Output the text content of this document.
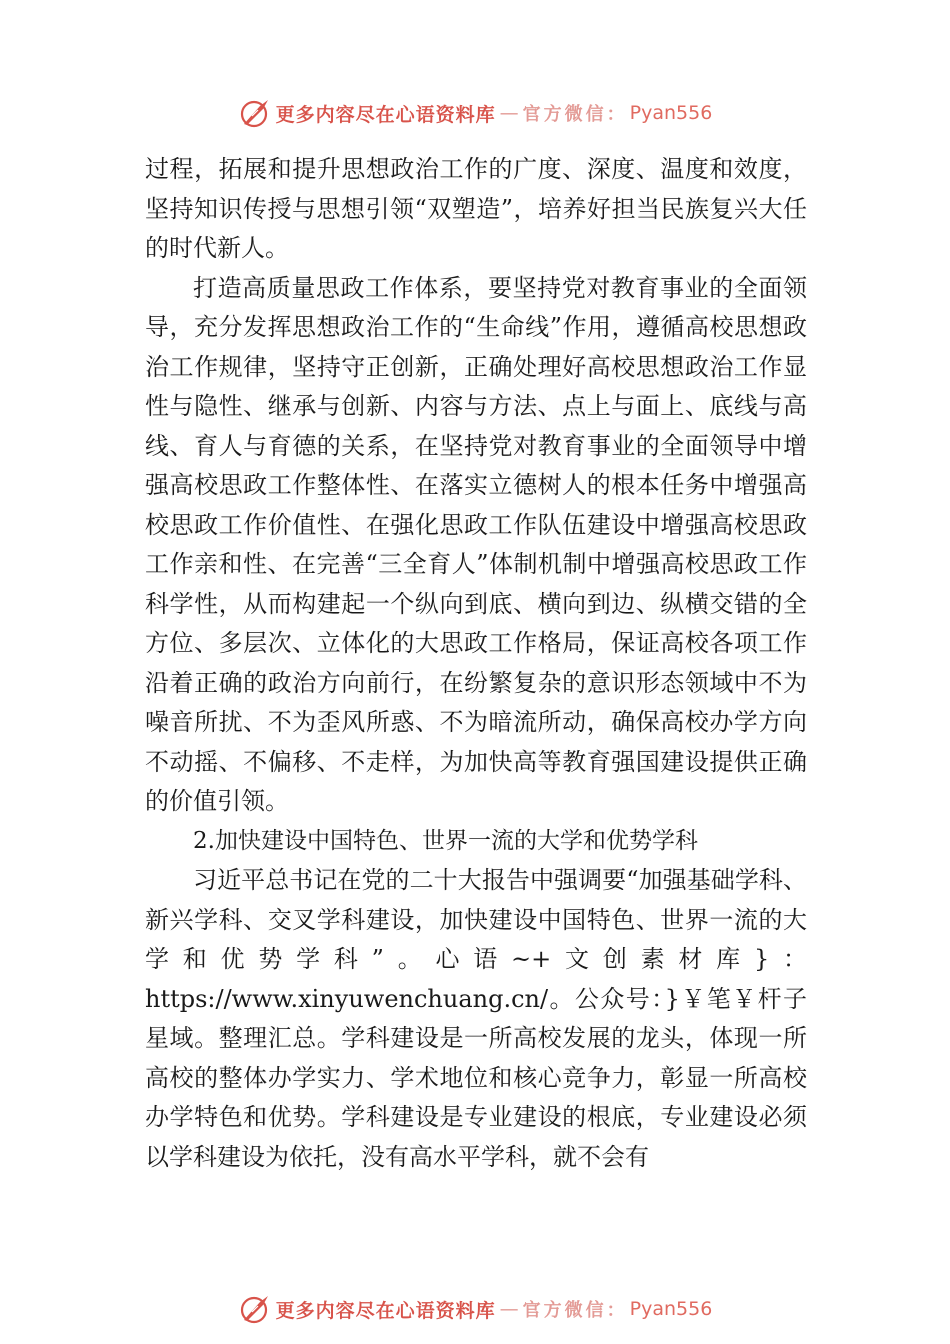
更多内容尽在心语资料库 — 官方微信： Pyan556

过程，拓展和提升思想政治工作的广度、深度、温度和效度，坚持知识传授与思想引领“双塑造”，培养好担当民族复兴大任的时代新人。

打造高质量思政工作体系，要坚持党对教育事业的全面领导，充分发挥思想政治工作的“生命线”作用，遵循高校思想政治工作规律，坚持守正创新，正确处理好高校思想政治工作显性与隐性、继承与创新、内容与方法、点上与面上、底线与高线、育人与育德的关系，在坚持党对教育事业的全面领导中增强高校思政工作整体性、在落实立德树人的根本任务中增强高校思政工作价值性、在强化思政工作队伍建设中增强高校思政工作亲和性、在完善“三全育人”体制机制中增强高校思政工作科学性，从而构建起一个纵向到底、横向到边、纵横交错的全方位、多层次、立体化的大思政工作格局，保证高校各项工作沿着正确的政治方向前行，在纷繁复杂的意识形态领域中不为噪音所扰、不为歪风所惑、不为暗流所动，确保高校办学方向不动摇、不偏移、不走样，为加快高等教育强国建设提供正确的价值引领。

2.加快建设中国特色、世界一流的大学和优势学科

习近平总书记在党的二十大报告中强调要“加强基础学科、新兴学科、交叉学科建设，加快建设中国特色、世界一流的大学和优势学科”。心语~+文创素材库}：https://www.xinyuwenchuang.cn/。公众号：}￥笔￥杆子星域。整理汇总。学科建设是一所高校发展的龙头，体现一所高校的整体办学实力、学术地位和核心竞争力，彰显一所高校办学特色和优势。学科建设是专业建设的根底，专业建设必须以学科建设为依托，没有高水平学科，就不会有

更多内容尽在心语资料库 — 官方微信： Pyan556
